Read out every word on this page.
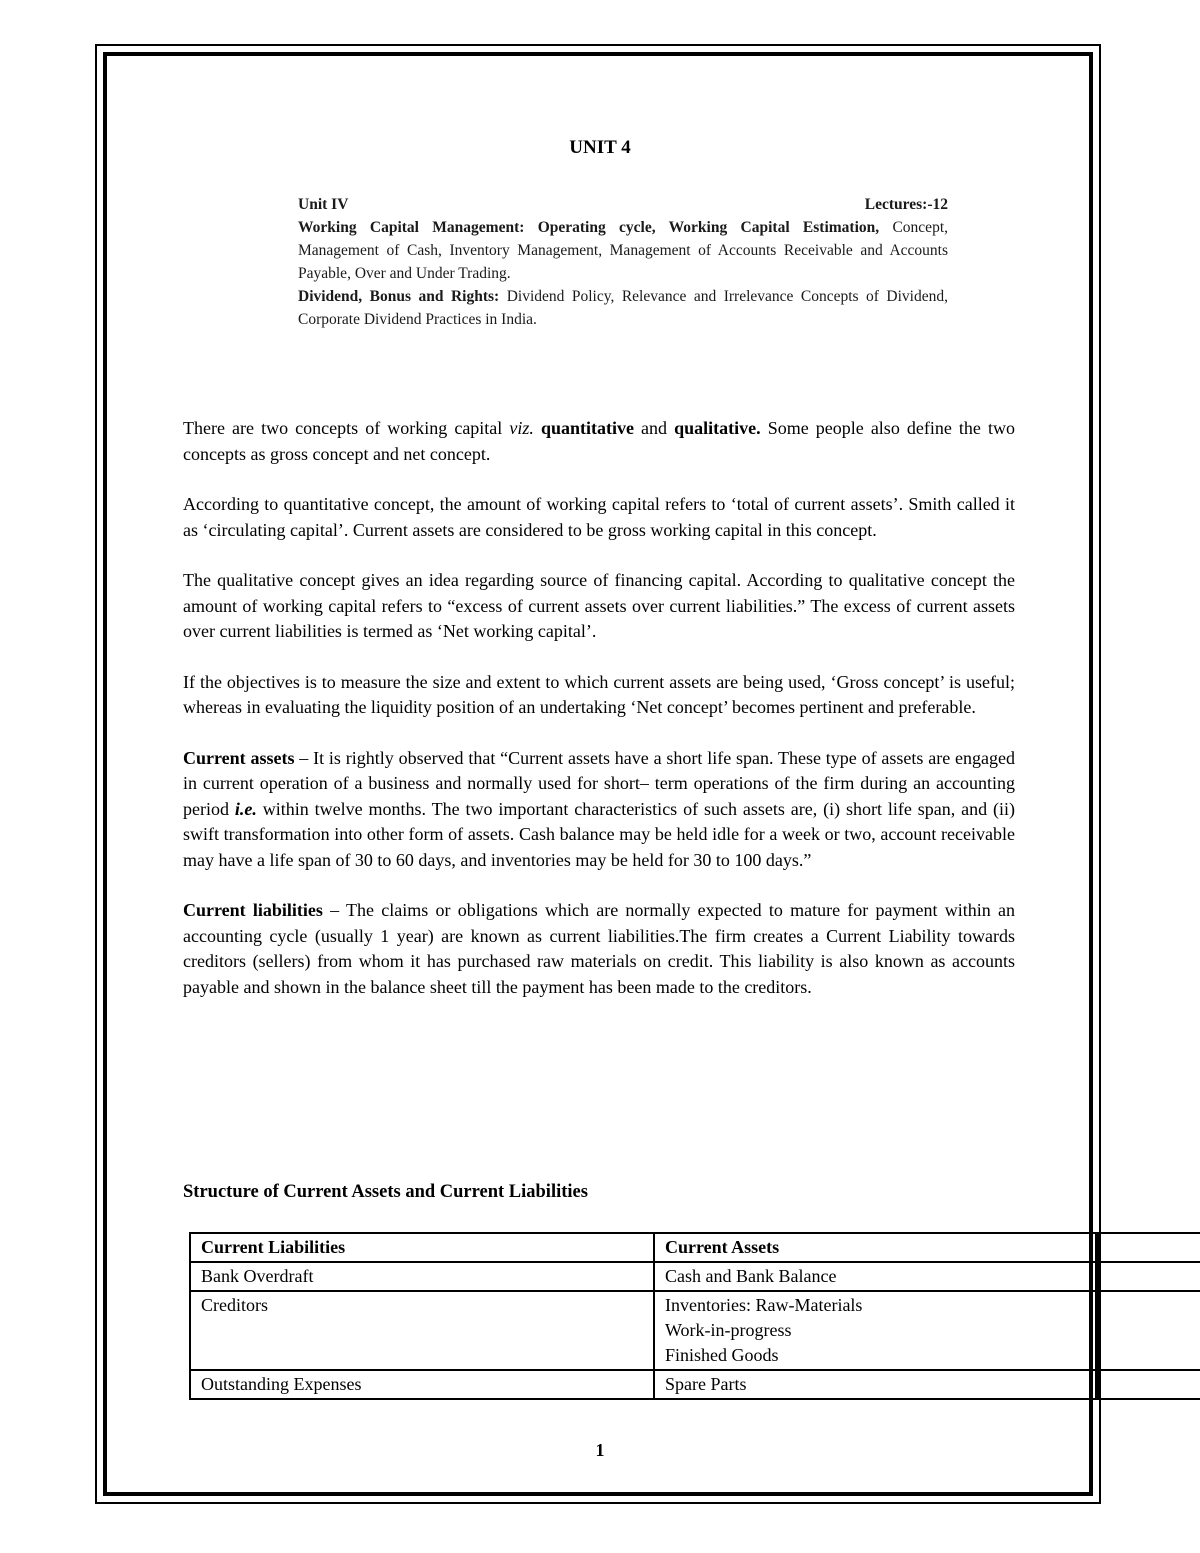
UNIT 4
Unit IV	Lectures:-12

Working Capital Management: Operating cycle, Working Capital Estimation, Concept, Management of Cash, Inventory Management, Management of Accounts Receivable and Accounts Payable, Over and Under Trading.

Dividend, Bonus and Rights: Dividend Policy, Relevance and Irrelevance Concepts of Dividend, Corporate Dividend Practices in India.

There are two concepts of working capital viz. quantitative and qualitative. Some people also define the two concepts as gross concept and net concept.

According to quantitative concept, the amount of working capital refers to ‘total of current assets’. Smith called it as ‘circulating capital’. Current assets are considered to be gross working capital in this concept.

The qualitative concept gives an idea regarding source of financing capital. According to qualitative concept the amount of working capital refers to “excess of current assets over current liabilities.” The excess of current assets over current liabilities is termed as ‘Net working capital’.

If the objectives is to measure the size and extent to which current assets are being used, ‘Gross concept’ is useful; whereas in evaluating the liquidity position of an undertaking ‘Net concept’ becomes pertinent and preferable.

Current assets – It is rightly observed that “Current assets have a short life span. These type of assets are engaged in current operation of a business and normally used for short– term operations of the firm during an accounting period i.e. within twelve months. The two important characteristics of such assets are, (i) short life span, and (ii) swift transformation into other form of assets. Cash balance may be held idle for a week or two, account receivable may have a life span of 30 to 60 days, and inventories may be held for 30 to 100 days.”

Current liabilities – The claims or obligations which are normally expected to mature for payment within an accounting cycle (usually 1 year) are known as current liabilities.The firm creates a Current Liability towards creditors (sellers) from whom it has purchased raw materials on credit. This liability is also known as accounts payable and shown in the balance sheet till the payment has been made to the creditors.

Structure of Current Assets and Current Liabilities
Current Liabilities	Current Assets	
Bank Overdraft	Cash and Bank Balance	
Creditors	Inventories: Raw-Materials
Work-in-progress
Finished Goods	

Outstanding Expenses	Spare Parts	
1
